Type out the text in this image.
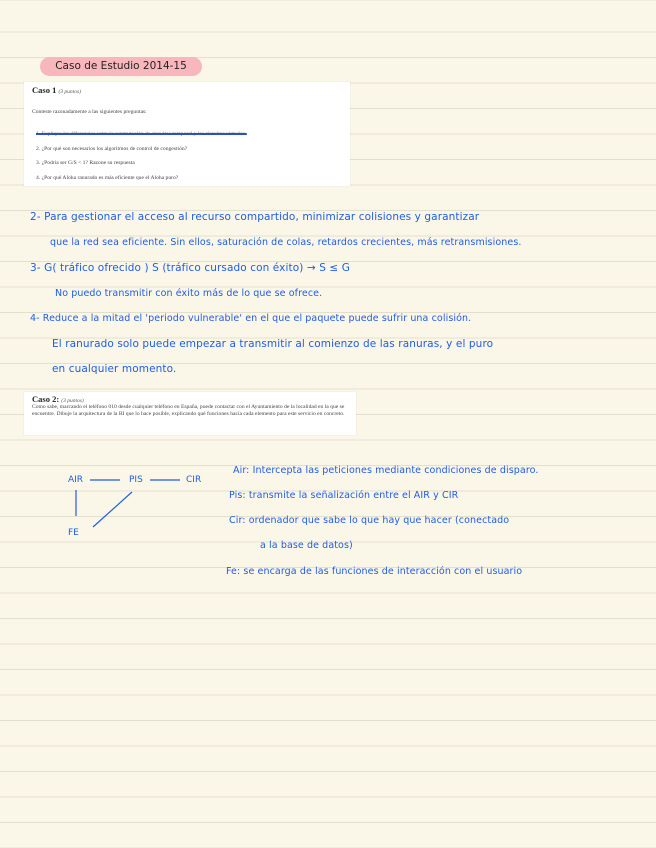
Caso de Estudio 2014-15
Caso 1 (3 puntos)
Conteste razonadamente a las siguientes preguntas:
1. Explique las diferencias entre la conmutación de circuitos temporal y las circuitos virtuales.
2. ¿Por qué son necesarios los algoritmos de control de congestión?
3. ¿Podría ser G/S < 1? Razone su respuesta
4. ¿Por qué Aloha ranurado es más eficiente que el Aloha puro?
2- Para gestionar el acceso al recurso compartido, minimizar colisiones y garantizar
que la red sea eficiente. Sin ellos, saturación de colas, retardos crecientes, más retransmisiones.
3- G( tráfico ofrecido ) S (tráfico cursado con éxito) → S ≤ G
No puedo transmitir con éxito más de lo que se ofrece.
4- Reduce a la mitad el 'periodo vulnerable' en el que el paquete puede sufrir una colisión.
El ranurado solo puede empezar a transmitir al comienzo de las ranuras, y el puro
en cualquier momento.
Caso 2: (3 puntos)
Como sabe, marcando el teléfono 010 desde cualquier teléfono en España, puede contactar con el Ayuntamiento de la localidad en la que se encuentre. Dibuje la arquitectura de la RI que lo hace posible, explicando qué funciones hacía cada elemento para este servicio en concreto.
AIR	PIS	CIR
FE
Air: Intercepta las peticiones mediante condiciones de disparo.
Pis: transmite la señalización entre el AIR y CIR
Cir: ordenador que sabe lo que hay que hacer (conectado
a la base de datos)
Fe: se encarga de las funciones de interacción con el usuario
